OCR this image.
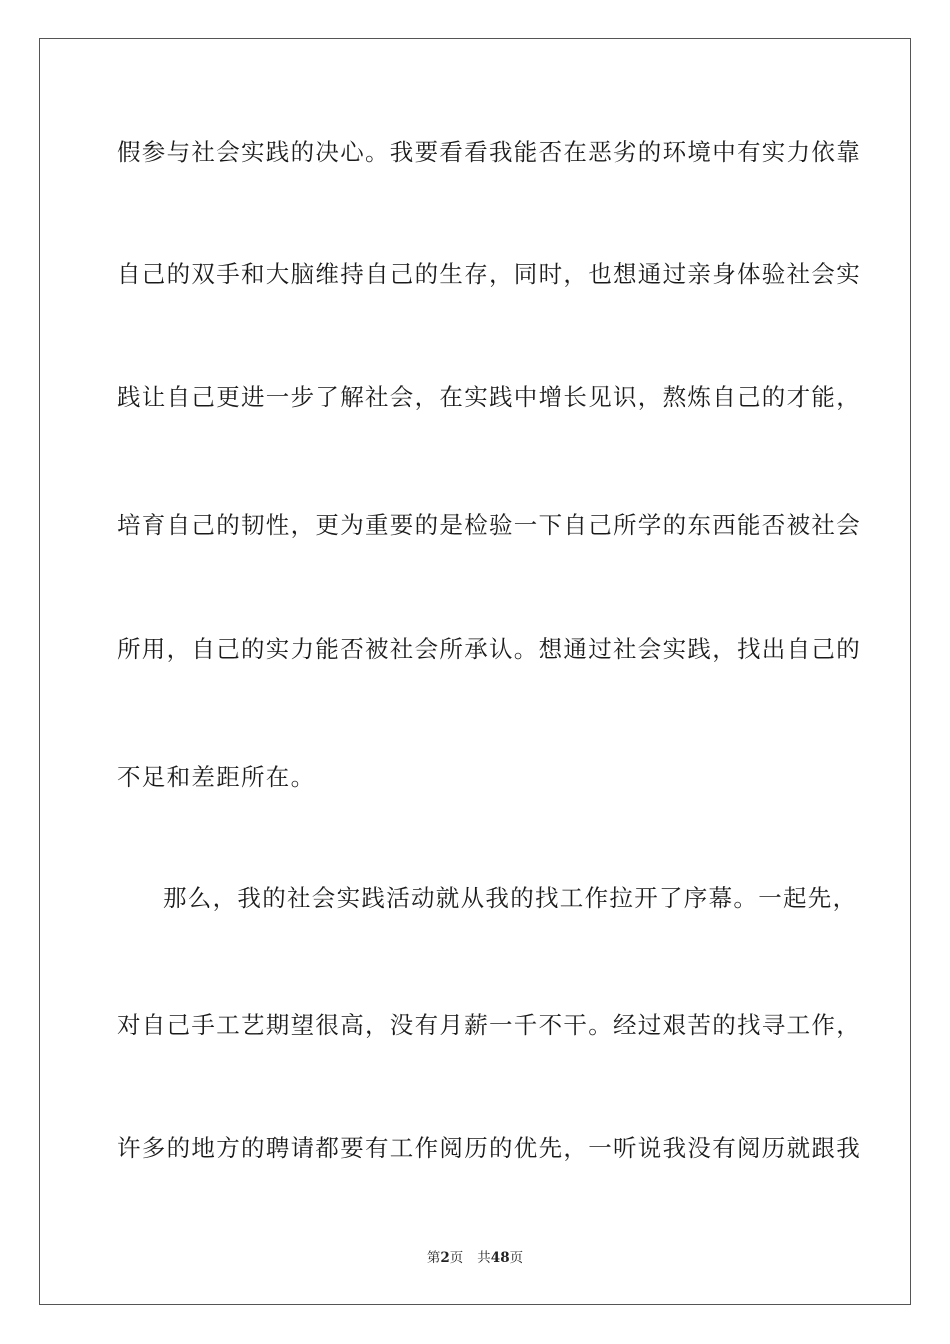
假参与社会实践的决心。我要看看我能否在恶劣的环境中有实力依靠
自己的双手和大脑维持自己的生存，同时，也想通过亲身体验社会实
践让自己更进一步了解社会，在实践中增长见识，熬炼自己的才能，
培育自己的韧性，更为重要的是检验一下自己所学的东西能否被社会
所用，自己的实力能否被社会所承认。想通过社会实践，找出自己的
不足和差距所在。
那么，我的社会实践活动就从我的找工作拉开了序幕。一起先，
对自己手工艺期望很高，没有月薪一千不干。经过艰苦的找寻工作，
许多的地方的聘请都要有工作阅历的优先，一听说我没有阅历就跟我
第2页 共48页
